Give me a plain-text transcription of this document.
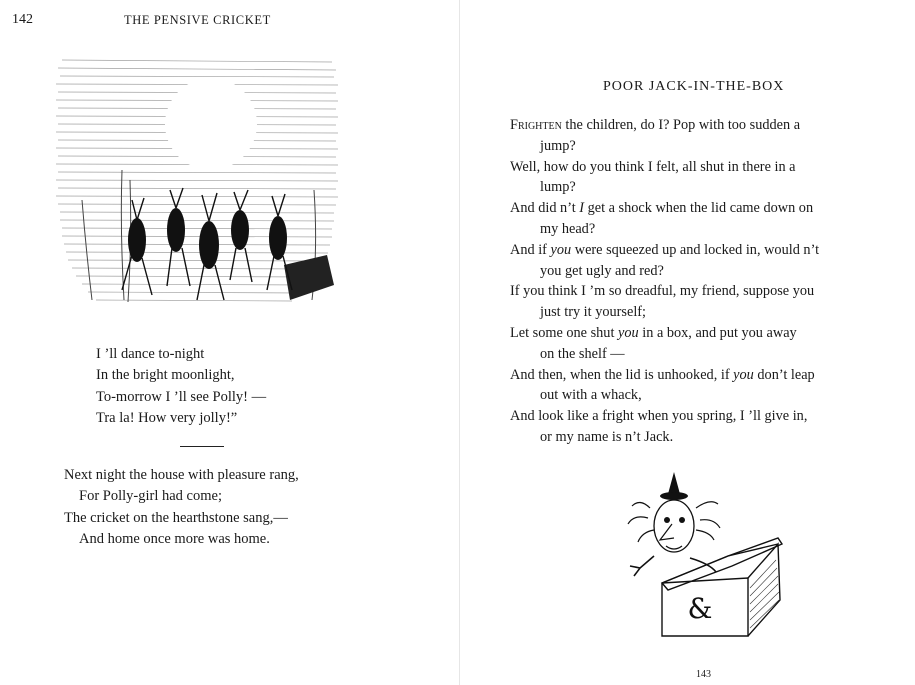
142	THE PENSIVE CRICKET
I ’ll dance to-night
In the bright moonlight,
To-morrow I ’ll see Polly! —
Tra la! How very jolly!”
Next night the house with pleasure rang,
For Polly-girl had come;
The cricket on the hearthstone sang,—
And home once more was home.
POOR JACK-IN-THE-BOX
Frighten the children, do I? Pop with too sudden a
jump?
Well, how do you think I felt, all shut in there in a
lump?
And did n’t I get a shock when the lid came down on
my head?
And if you were squeezed up and locked in, would n’t
you get ugly and red?
If you think I ’m so dreadful, my friend, suppose you
just try it yourself;
Let some one shut you in a box, and put you away
on the shelf —
And then, when the lid is unhooked, if you don’t leap
out with a whack,
And look like a fright when you spring, I ’ll give in,
or my name is n’t Jack.
&
143
